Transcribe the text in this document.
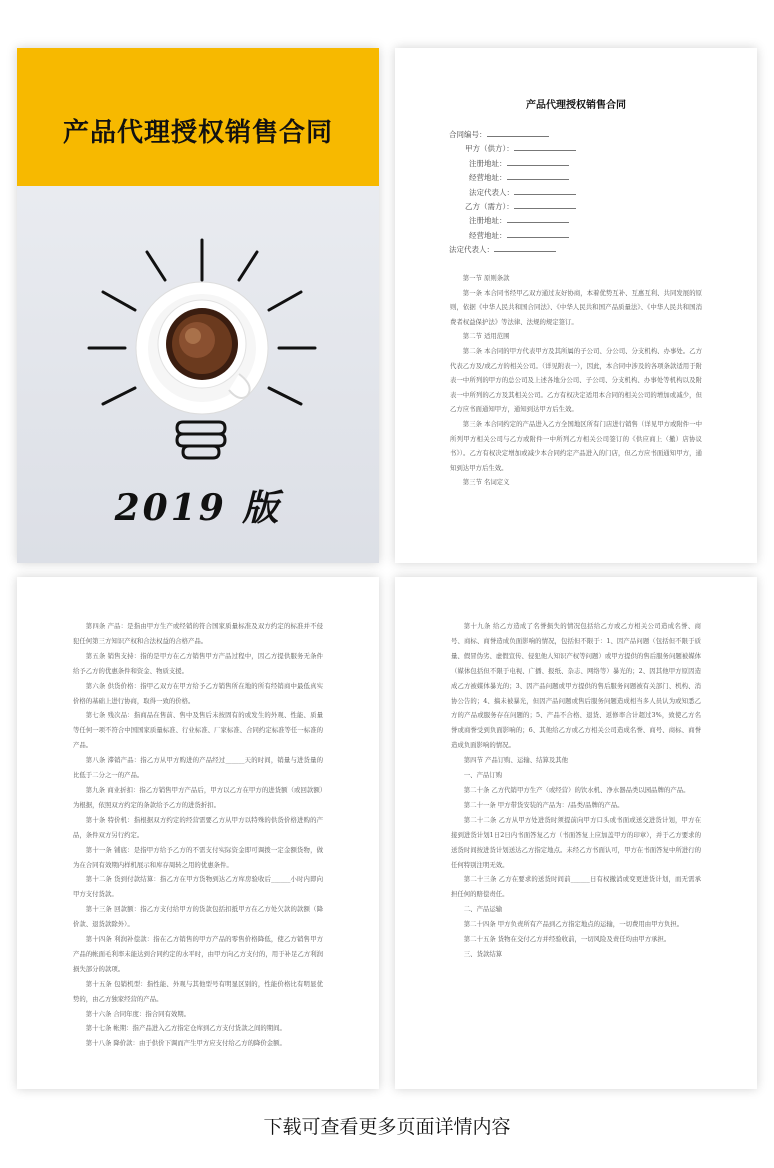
产品代理授权销售合同
2019 版
产品代理授权销售合同
合同编号：
甲方（供方）：
注册地址：
经营地址：
法定代表人：
乙方（需方）：
注册地址：
经营地址：
法定代表人：

第一节 原则条款

第一条 本合同书经甲乙双方通过友好协商，本着优势互补、互惠互利、共同发展的原则，依据《中华人民共和国合同法》、《中华人民共和国产品质量法》、《中华人民共和国消费者权益保护法》等法律、法规的规定签订。

第二节 适用范围

第二条 本合同的甲方代表甲方及其所属的子公司、分公司、分支机构、办事处。乙方代表乙方及/或乙方的相关公司。（详见附表一），因此，本合同中涉及的各项条款适用于附表一中所列的甲方的总公司及上述各地分公司、子公司、分支机构、办事处等机构以及附表一中所列的乙方及其相关公司。乙方有权决定适用本合同的相关公司的增加或减少，但乙方应书面通知甲方，通知到达甲方后生效。

第三条 本合同约定的产品进入乙方全国地区所有门店进行销售（详见甲方或附件一中所列甲方相关公司与乙方或附件一中所列乙方相关公司签订的《供应商上（撤）店协议书》）。乙方有权决定增加或减少本合同约定产品进入的门店，但乙方应书面通知甲方，通知到达甲方后生效。

第三节 名词定义

第四条 产品：是指由甲方生产或经销的符合国家质量标准及双方约定的标准并不侵犯任何第三方知识产权和合法权益的合格产品。

第五条 销售支持：指的是甲方在乙方销售甲方产品过程中，因乙方提供服务无条件给予乙方的优惠条件和资金、物质支援。

第六条 供货价格：指甲乙双方在甲方给予乙方销售所在地的所有经销商中最低真实价格的基础上进行协商，取得一致的价格。

第七条 残次品：指商品在售前、售中及售后未按固有的或发生的外观、性能、质量等任何一项不符合中国国家质量标准、行业标准、厂家标准、合同约定标准等任一标准的产品。

第八条 滞销产品：指乙方从甲方购进的产品经过______天的时间，销量与进货量的比低于二分之一的产品。

第九条 商业折扣：指乙方销售甲方产品后，甲方以乙方在甲方的进货额（或回款额）为根据，依照双方约定的条款给予乙方的进货折扣。

第十条 特价机：指根据双方约定的经营需要乙方从甲方以特殊的供货价格进购的产品，条件双方另行约定。

第十一条 铺底：是指甲方给予乙方的不需支付实际资金即可调拨一定金额货物，做为在合同有效期内样机展示和库存周转之用的优惠条件。

第十二条 货到付款结算：指乙方在甲方货物到达乙方库房验收后______小时内即向甲方支付货款。

第十三条 回款额：指乙方支付给甲方的货款包括扣抵甲方在乙方处欠款的款额（降价款、退货款除外）。

第十四条 利润补偿款：指在乙方销售的甲方产品的零售价格降低，使乙方销售甲方产品的帐面毛利率未能达到合同约定的水平时，由甲方向乙方支付的，用于补足乙方利润损失部分的款项。

第十五条 包销机型：指性能、外观与其他型号有明显区别的，性能价格比有明显优势的，由乙方独家经营的产品。

第十六条 合同年度：指合同有效期。

第十七条 帐期：指产品进入乙方指定仓库到乙方支付货款之间的期间。

第十八条 降价款：由于供价下调而产生甲方应支付给乙方的降价金额。

第十九条 给乙方造成了名誉损失的情况包括给乙方或乙方相关公司造成名誉、商号、商标、商誉造成负面影响的情况，包括但不限于：1、因产品问题（包括但不限于质量、假冒伪劣、虚假宣传、侵犯他人知识产权等问题）或甲方提供的售后服务问题被媒体（媒体包括但不限于电视、广播、报纸、杂志、网络等）暴光的；2、因其他甲方原因造成乙方被媒体暴光的；3、因产品问题或甲方提供的售后服务问题被有关部门、机构、消协公告的；4、搞未被暴光，但因产品问题或售后服务问题造成相当多人员认为或知悉乙方的产品或服务存在问题的；5、产品不合格、退货、返修率合计超过3%，致使乙方名誉或商誉受到负面影响的；6、其他给乙方或乙方相关公司造成名誉、商号、商标、商誉造成负面影响的情况。

第四节 产品订购、运输、结算及其他

一、产品订购

第二十条 乙方代销甲方生产（或经营）的饮水机、净水器品类以园品牌的产品。

第二十一条 甲方带货安装的产品为：/品类/品牌的产品。

第二十二条 乙方从甲方处进货时须提前向甲方口头或书面或送交进货计划，甲方在接到进货计划1日2日内书面答复乙方（书面答复上应加盖甲方的印章），并于乙方要求的送货时间按进货计划送达乙方指定地点。未经乙方书面认可，甲方在书面答复中所进行的任何特别注明无效。

第二十三条 乙方在要求的送货时间前______日有权撤消或变更进货计划，而无需承担任何的赔偿责任。

二、产品运输

第二十四条 甲方负责所有产品到乙方指定地点的运输，一切费用由甲方负担。

第二十五条 货物在交付乙方并经验收前，一切风险及责任均由甲方承担。

三、货款结算

下载可查看更多页面详情内容
